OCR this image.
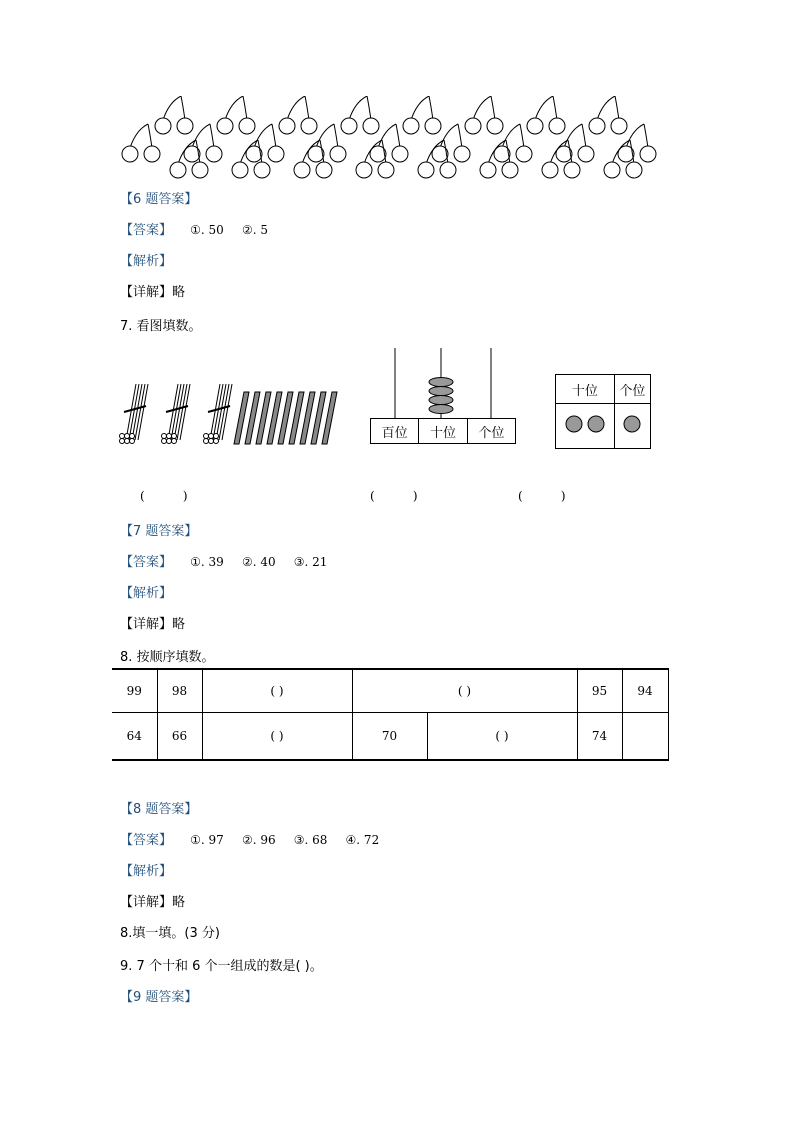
【6 题答案】
【答案】 ①. 50 ②. 5
【解析】
【详解】略
7. 看图填数。
百位	十位	个位
十位	个位

(          )	(          )	(          )
【7 题答案】
【答案】 ①. 39 ②. 40 ③. 21
【解析】
【详解】略
8. 按顺序填数。
99	98	( )	( )		95	94
64	66	( )	70	( )	74	
【8 题答案】
【答案】 ①. 97 ②. 96 ③. 68 ④. 72
【解析】
【详解】略
8.填一填。(3 分)
9. 7 个十和 6 个一组成的数是( )。
【9 题答案】
